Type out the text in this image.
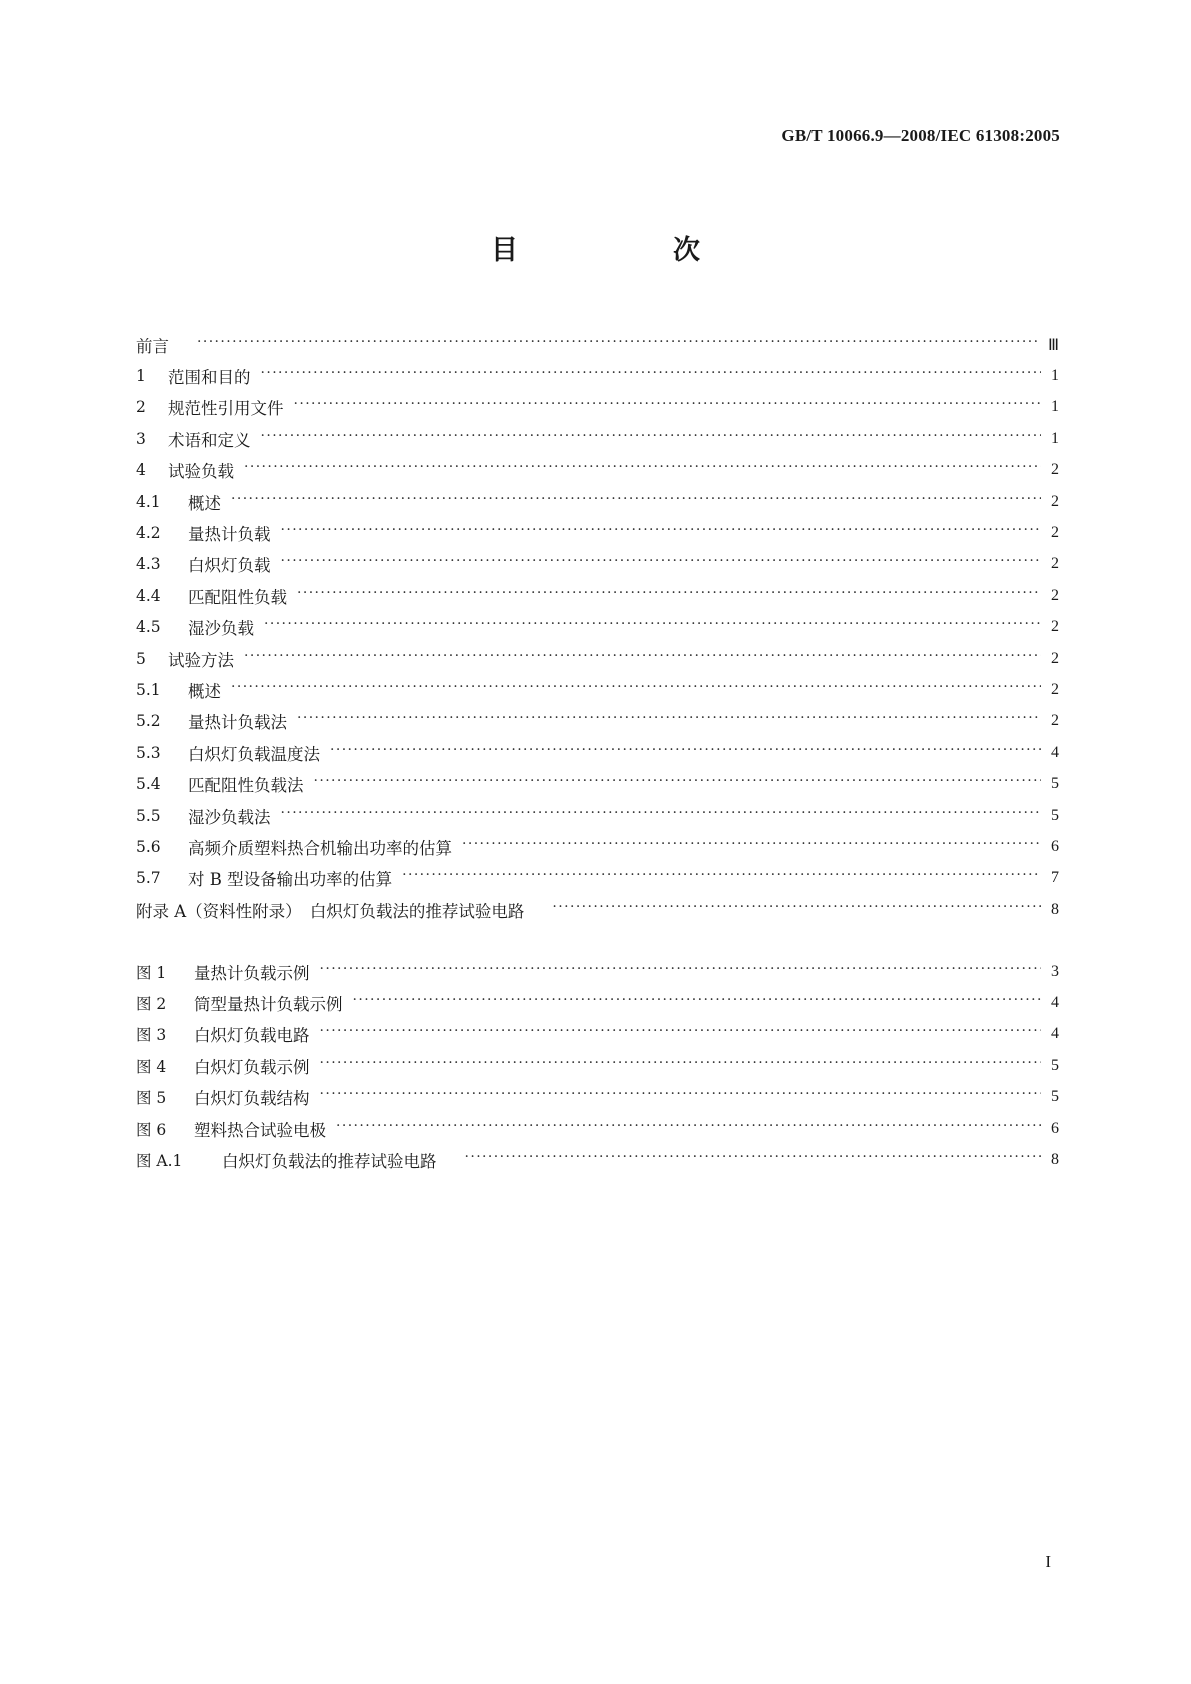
GB/T 10066.9—2008/IEC 61308:2005
目　次
前言 ·····	Ⅲ
1	范围和目的 ·····	1
2	规范性引用文件 ·····	1
3	术语和定义 ·····	1
4	试验负载 ·····	2
4.1	概述 ·····	2
4.2	量热计负载 ·····	2
4.3	白炽灯负载 ·····	2
4.4	匹配阻性负载 ·····	2
4.5	湿沙负载 ·····	2
5	试验方法 ·····	2
5.1	概述 ·····	2
5.2	量热计负载法 ·····	2
5.3	白炽灯负载温度法 ·····	4
5.4	匹配阻性负载法 ·····	5
5.5	湿沙负载法 ·····	5
5.6	高频介质塑料热合机输出功率的估算 ·····	6
5.7	对 B 型设备输出功率的估算 ·····	7
附录 A（资料性附录）　白炽灯负载法的推荐试验电路 ·····	8
图 1	量热计负载示例 ·····	3
图 2	筒型量热计负载示例 ·····	4
图 3	白炽灯负载电路 ·····	4
图 4	白炽灯负载示例 ·····	5
图 5	白炽灯负载结构 ·····	5
图 6	塑料热合试验电极 ·····	6
图 A.1	白炽灯负载法的推荐试验电路 ·····	8
I
